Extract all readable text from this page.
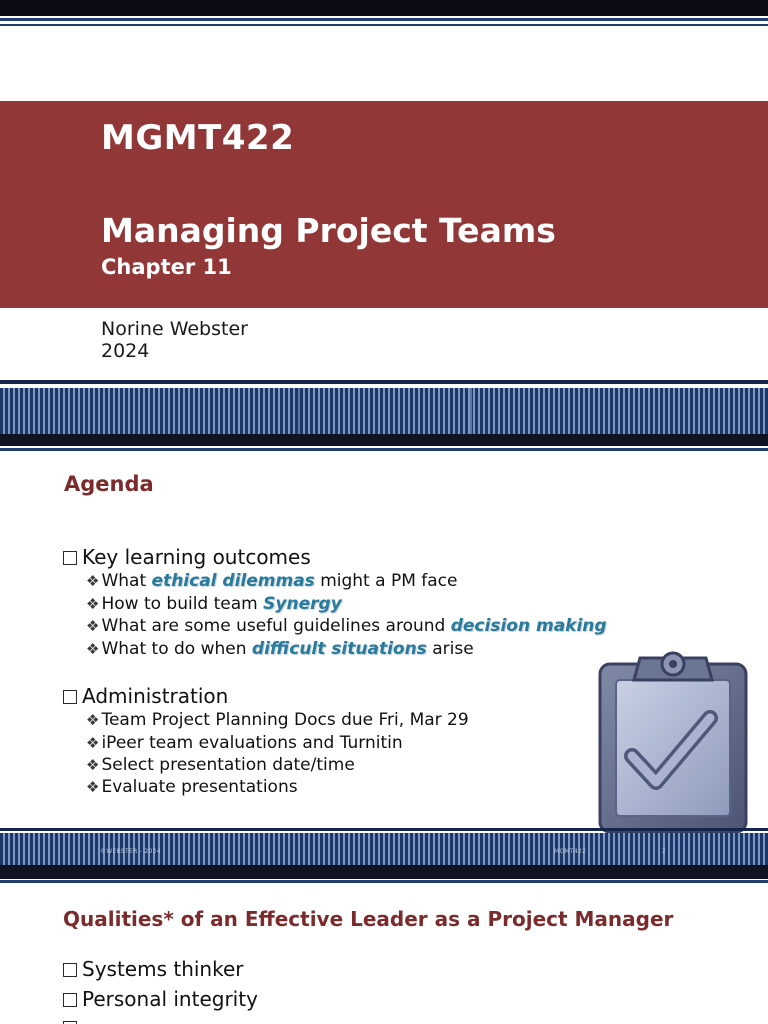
MGMT422
Managing Project Teams
Chapter 11
Norine Webster
2024
Agenda
Key learning outcomes
❖ What ethical dilemmas might a PM face
❖ How to build team Synergy
❖ What are some useful guidelines around decision making
❖ What to do when difficult situations arise
Administration
❖ Team Project Planning Docs due Fri, Mar 29
❖ iPeer team evaluations and Turnitin
❖ Select presentation date/time
❖ Evaluate presentations
©WEBSTER - 2024	MGMT422	2
Qualities* of an Effective Leader as a Project Manager
Systems thinker
Personal integrity
